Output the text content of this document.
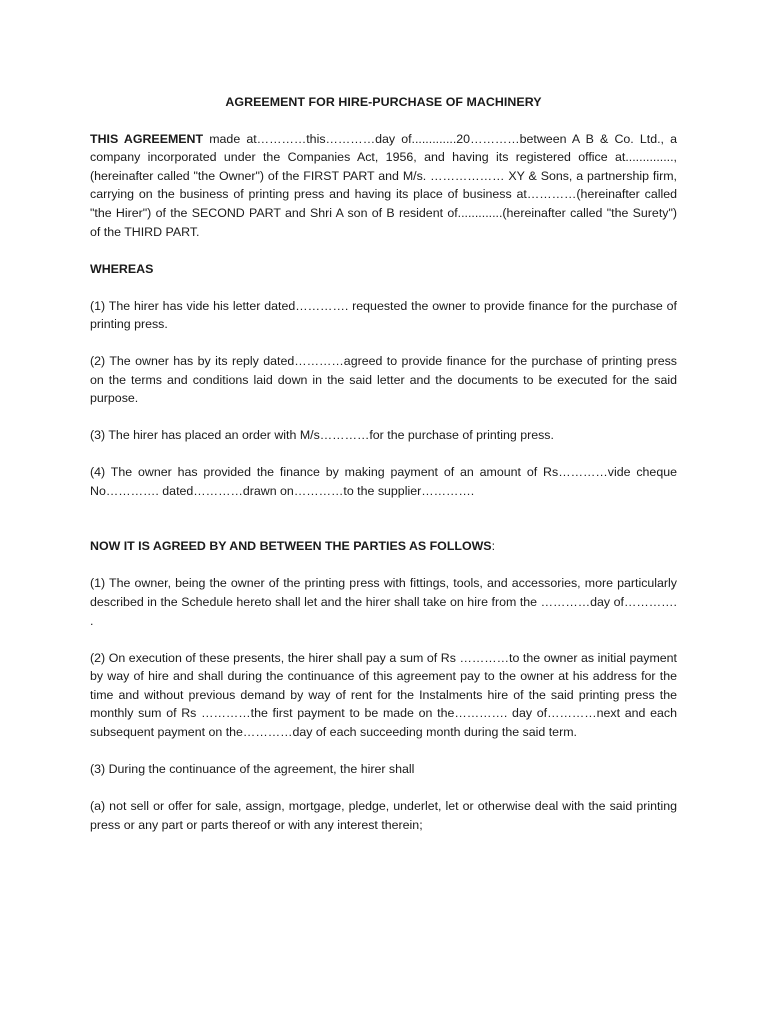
AGREEMENT FOR HIRE-PURCHASE OF MACHINERY

THIS AGREEMENT made at…………this…………day of.............20…………between A B & Co. Ltd., a company incorporated under the Companies Act, 1956, and having its registered office at.............., (hereinafter called "the Owner") of the FIRST PART and M/s. ……………… XY & Sons, a partnership firm, carrying on the business of printing press and having its place of business at…………(hereinafter called "the Hirer") of the SECOND PART and Shri A son of B resident of.............(hereinafter called "the Surety") of the THIRD PART.

WHEREAS

(1) The hirer has vide his letter dated…………. requested the owner to provide finance for the purchase of printing press.

(2) The owner has by its reply dated…………agreed to provide finance for the purchase of printing press on the terms and conditions laid down in the said letter and the documents to be executed for the said purpose.

(3) The hirer has placed an order with M/s…………for the purchase of printing press.

(4) The owner has provided the finance by making payment of an amount of Rs…………vide cheque No…………. dated…………drawn on…………to the supplier………….

NOW IT IS AGREED BY AND BETWEEN THE PARTIES AS FOLLOWS:

(1) The owner, being the owner of the printing press with fittings, tools, and accessories, more particularly described in the Schedule hereto shall let and the hirer shall take on hire from the …………day of…………. .

(2) On execution of these presents, the hirer shall pay a sum of Rs …………to the owner as initial payment by way of hire and shall during the continuance of this agreement pay to the owner at his address for the time and without previous demand by way of rent for the Instalments hire of the said printing press the monthly sum of Rs …………the first payment to be made on the…………. day of…………next and each subsequent payment on the…………day of each succeeding month during the said term.

(3) During the continuance of the agreement, the hirer shall

(a) not sell or offer for sale, assign, mortgage, pledge, underlet, let or otherwise deal with the said printing press or any part or parts thereof or with any interest therein;
